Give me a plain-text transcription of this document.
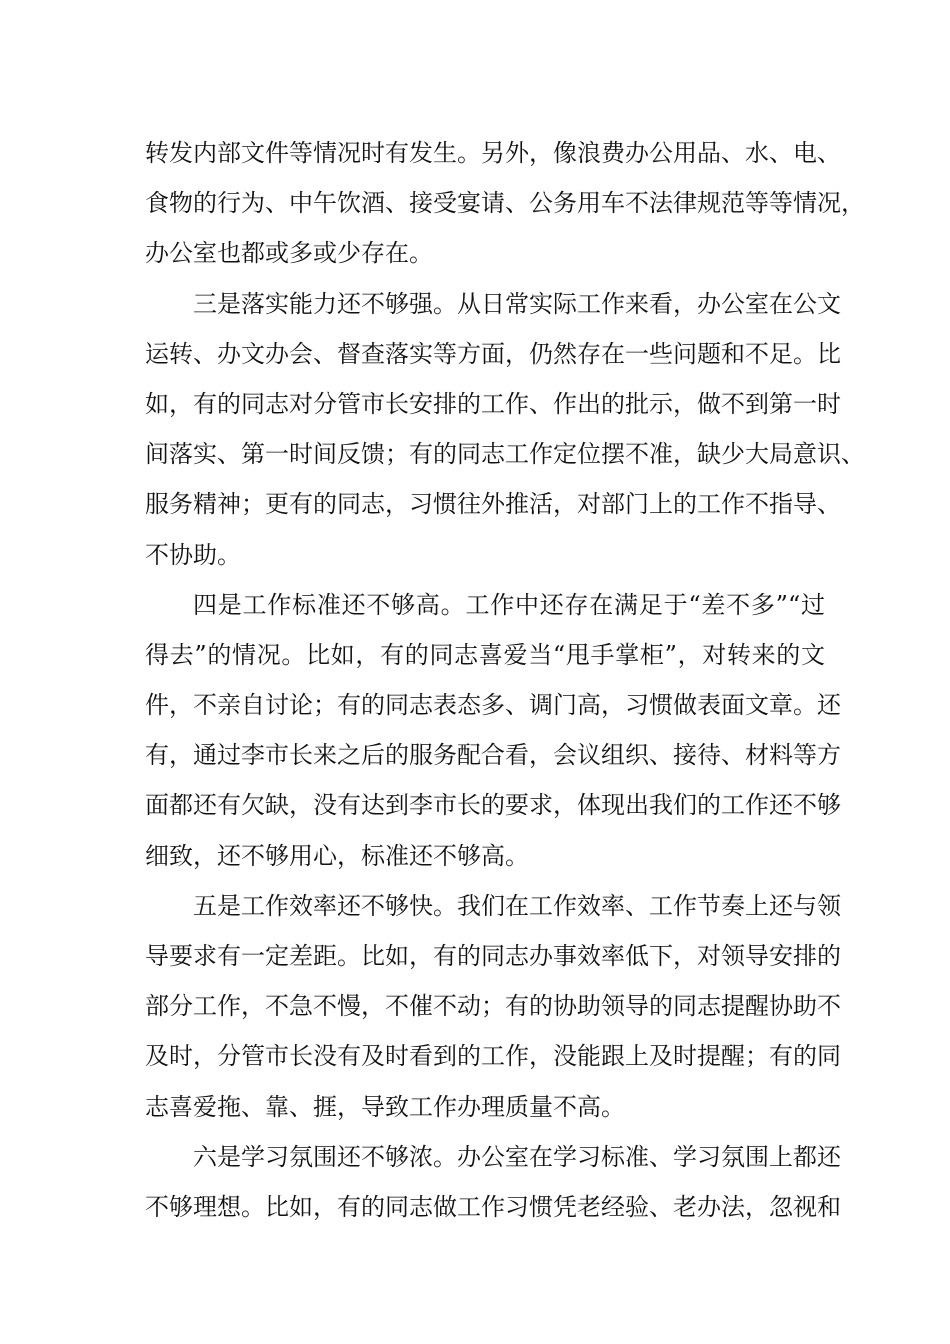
转发内部文件等情况时有发生。另外，像浪费办公用品、水、电、
食物的行为、中午饮酒、接受宴请、公务用车不法律规范等等情况，
办公室也都或多或少存在。
三是落实能力还不够强。从日常实际工作来看，办公室在公文
运转、办文办会、督查落实等方面，仍然存在一些问题和不足。比
如，有的同志对分管市长安排的工作、作出的批示，做不到第一时
间落实、第一时间反馈；有的同志工作定位摆不准，缺少大局意识、
服务精神；更有的同志，习惯往外推活，对部门上的工作不指导、
不协助。
四是工作标准还不够高。工作中还存在满足于“差不多”“过
得去”的情况。比如，有的同志喜爱当“甩手掌柜”，对转来的文
件，不亲自讨论；有的同志表态多、调门高，习惯做表面文章。还
有，通过李市长来之后的服务配合看，会议组织、接待、材料等方
面都还有欠缺，没有达到李市长的要求，体现出我们的工作还不够
细致，还不够用心，标准还不够高。
五是工作效率还不够快。我们在工作效率、工作节奏上还与领
导要求有一定差距。比如，有的同志办事效率低下，对领导安排的
部分工作，不急不慢，不催不动；有的协助领导的同志提醒协助不
及时，分管市长没有及时看到的工作，没能跟上及时提醒；有的同
志喜爱拖、靠、捱，导致工作办理质量不高。
六是学习氛围还不够浓。办公室在学习标准、学习氛围上都还
不够理想。比如，有的同志做工作习惯凭老经验、老办法，忽视和
